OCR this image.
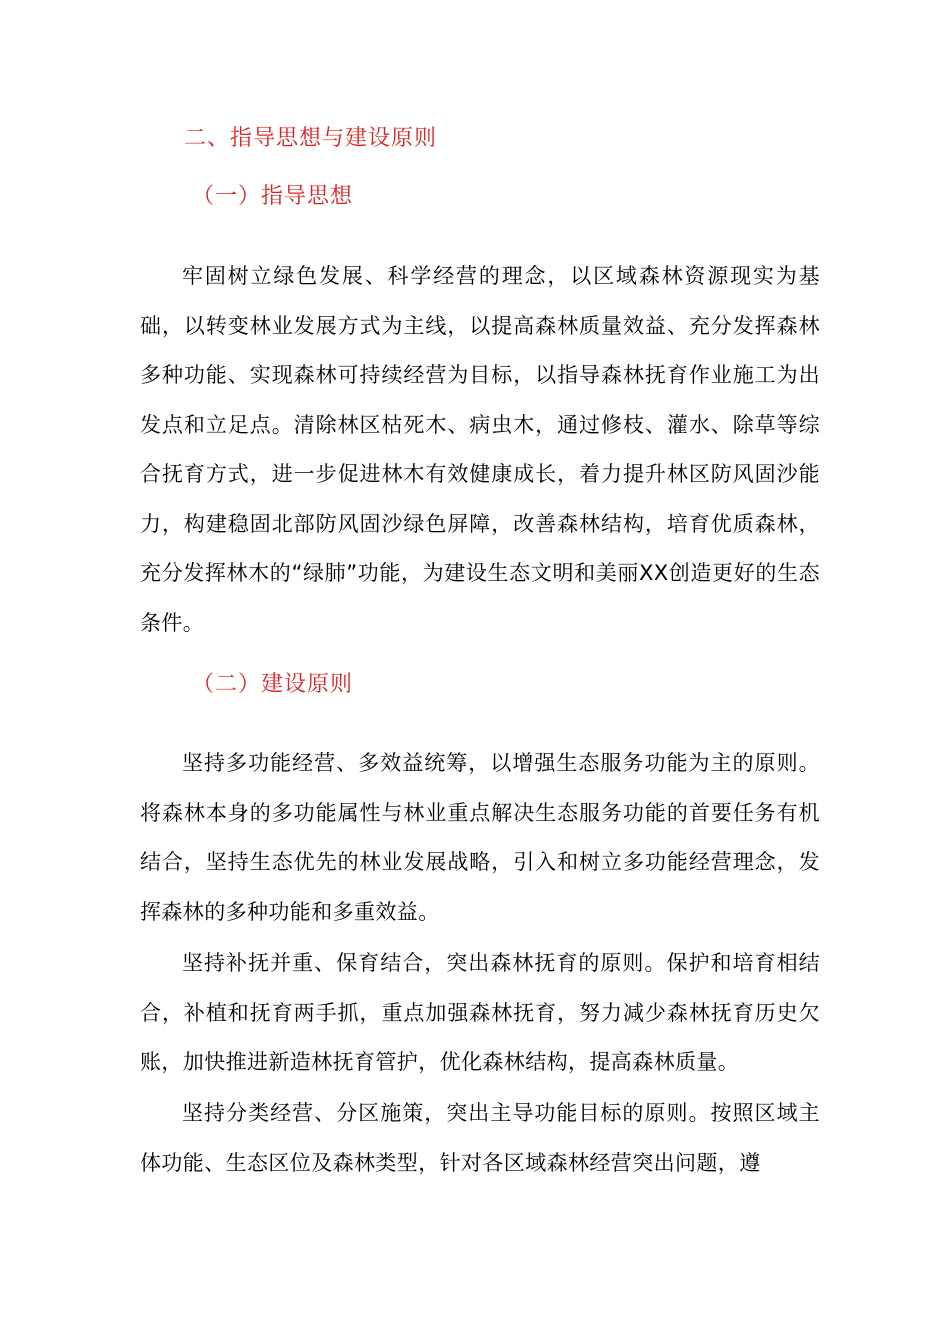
二、指导思想与建设原则
（一）指导思想

牢固树立绿色发展、科学经营的理念，以区域森林资源现实为基础，以转变林业发展方式为主线，以提高森林质量效益、充分发挥森林多种功能、实现森林可持续经营为目标，以指导森林抚育作业施工为出发点和立足点。清除林区枯死木、病虫木，通过修枝、灌水、除草等综合抚育方式，进一步促进林木有效健康成长，着力提升林区防风固沙能力，构建稳固北部防风固沙绿色屏障，改善森林结构，培育优质森林，充分发挥林木的“绿肺”功能，为建设生态文明和美丽XX创造更好的生态条件。

（二）建设原则

坚持多功能经营、多效益统筹，以增强生态服务功能为主的原则。将森林本身的多功能属性与林业重点解决生态服务功能的首要任务有机结合，坚持生态优先的林业发展战略，引入和树立多功能经营理念，发挥森林的多种功能和多重效益。

坚持补抚并重、保育结合，突出森林抚育的原则。保护和培育相结合，补植和抚育两手抓，重点加强森林抚育，努力减少森林抚育历史欠账，加快推进新造林抚育管护，优化森林结构，提高森林质量。

坚持分类经营、分区施策，突出主导功能目标的原则。按照区域主体功能、生态区位及森林类型，针对各区域森林经营突出问题，遵
